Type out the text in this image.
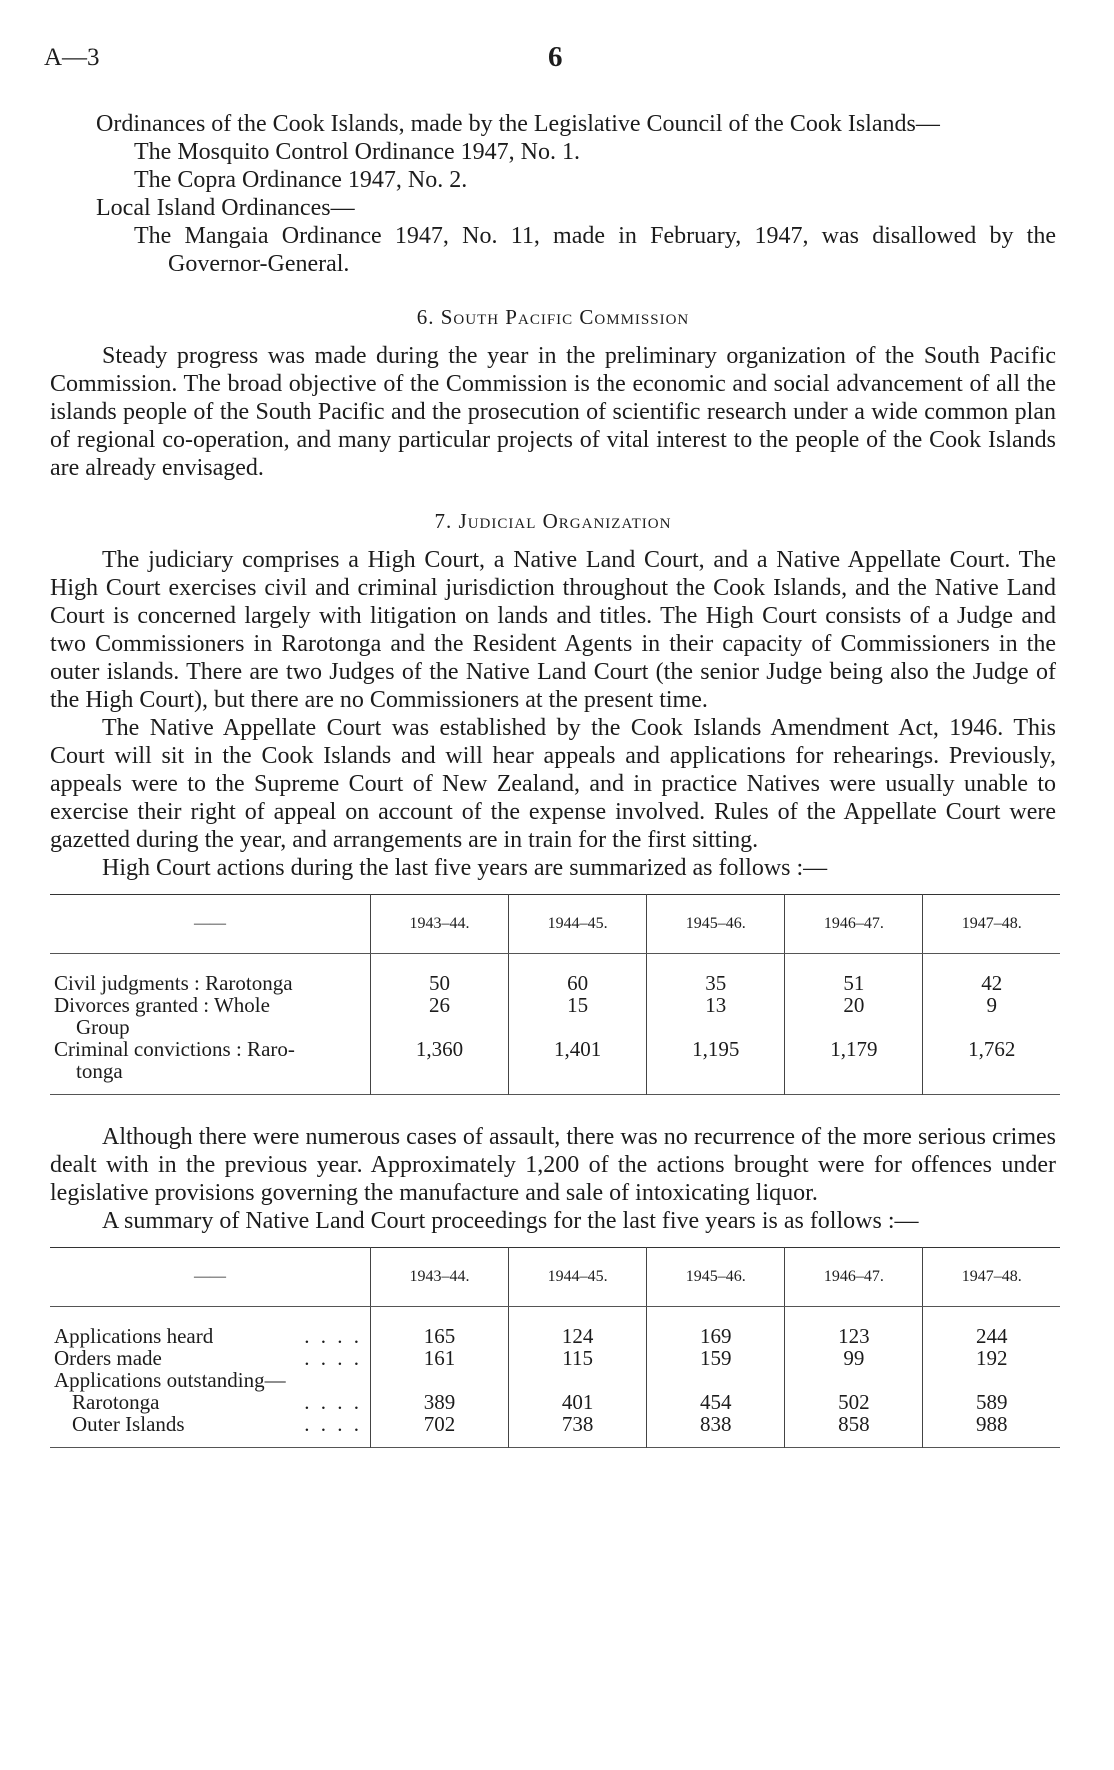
A—3	6

Ordinances of the Cook Islands, made by the Legislative Council of the Cook Islands—

The Mosquito Control Ordinance 1947, No. 1.

The Copra Ordinance 1947, No. 2.

Local Island Ordinances—

The Mangaia Ordinance 1947, No. 11, made in February, 1947, was disallowed by the Governor-General.

6. South Pacific Commission

Steady progress was made during the year in the preliminary organization of the South Pacific Commission. The broad objective of the Commission is the economic and social advancement of all the islands people of the South Pacific and the prosecution of scientific research under a wide common plan of regional co-operation, and many particular projects of vital interest to the people of the Cook Islands are already envisaged.

7. Judicial Organization

The judiciary comprises a High Court, a Native Land Court, and a Native Appellate Court. The High Court exercises civil and criminal jurisdiction throughout the Cook Islands, and the Native Land Court is concerned largely with litigation on lands and titles. The High Court consists of a Judge and two Commissioners in Rarotonga and the Resident Agents in their capacity of Commissioners in the outer islands. There are two Judges of the Native Land Court (the senior Judge being also the Judge of the High Court), but there are no Commissioners at the present time.

The Native Appellate Court was established by the Cook Islands Amendment Act, 1946. This Court will sit in the Cook Islands and will hear appeals and applications for rehearings. Previously, appeals were to the Supreme Court of New Zealand, and in practice Natives were usually unable to exercise their right of appeal on account of the expense involved. Rules of the Appellate Court were gazetted during the year, and arrangements are in train for the first sitting.

High Court actions during the last five years are summarized as follows :—

——	1943–44.	1944–45.	1945–46.	1946–47.	1947–48.

Civil judgments : Rarotonga	50	60	35	51	42

Divorces granted : Whole
Group	26	15	13	20	9

Criminal convictions : Raro-
tonga	1,360	1,401	1,195	1,179	1,762

Although there were numerous cases of assault, there was no recurrence of the more serious crimes dealt with in the previous year. Approximately 1,200 of the actions brought were for offences under legislative provisions governing the manufacture and sale of intoxicating liquor.

A summary of Native Land Court proceedings for the last five years is as follows :—

——	1943–44.	1944–45.	1945–46.	1946–47.	1947–48.

Applications heard . . . .	165	124	169	123	244

Orders made . . . .	161	115	159	99	192

Applications outstanding—					

Rarotonga . . . .	389	401	454	502	589

Outer Islands . . . .	702	738	838	858	988
